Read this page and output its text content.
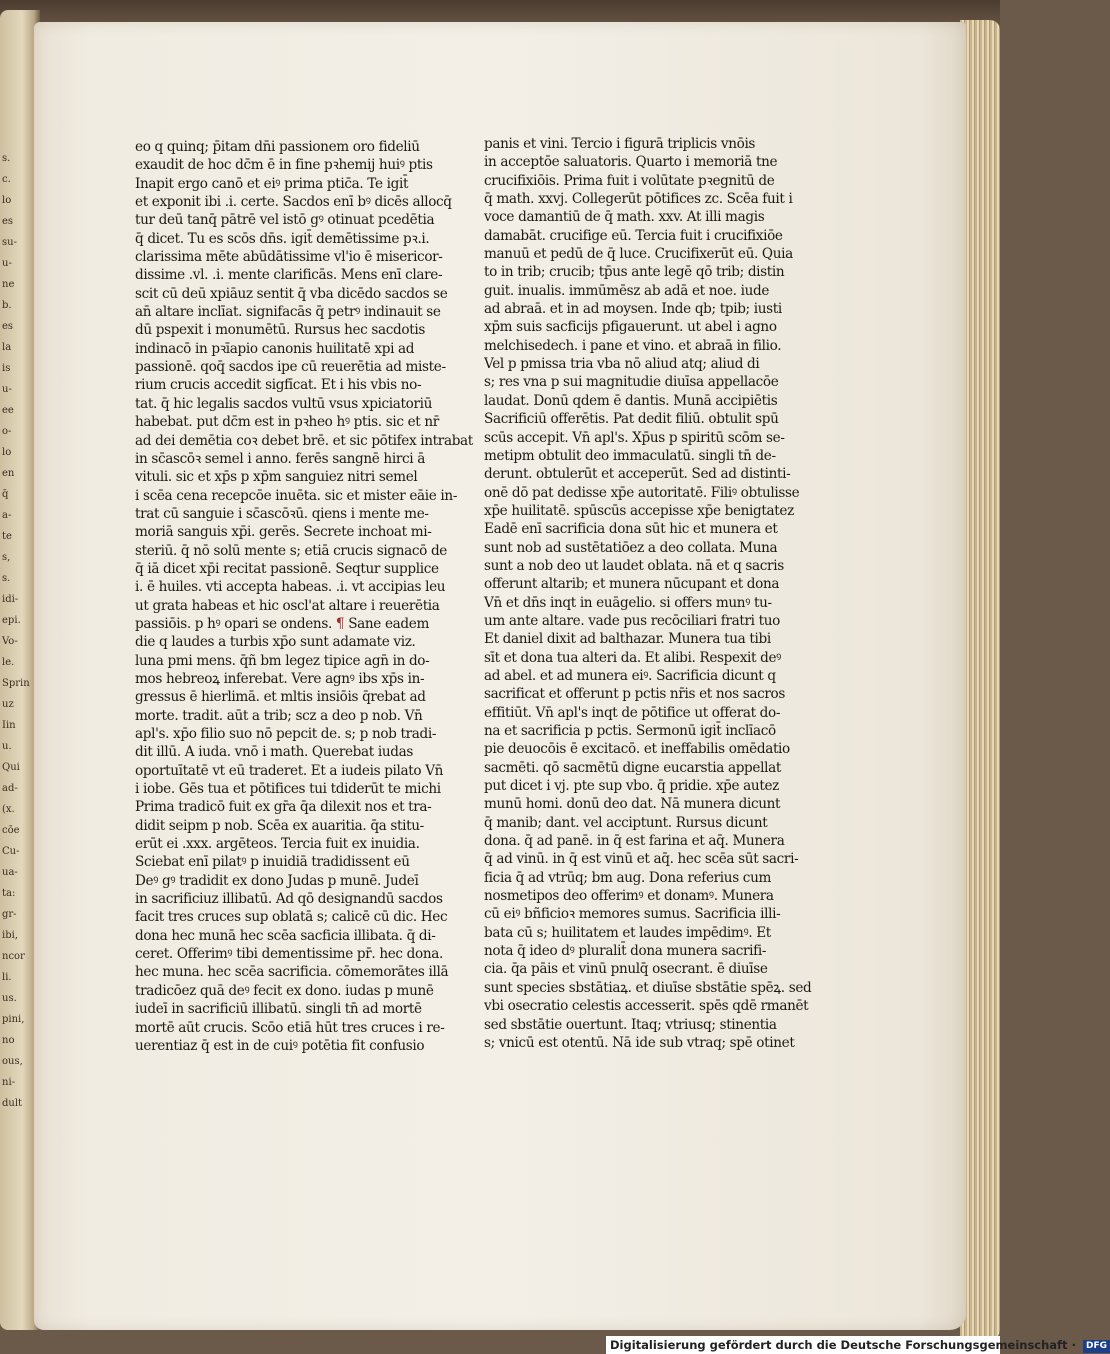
s.
c.
lo
es
su-
u-
ne
b.
es
la
is
u-
ee
o-
lo
en
q̄
a-
te
s,
s.
idi-
epi.
Vo-
le.
Sprin
uz
Iin
u.
Qui
ad-
(x.
cōe
Cu-
ua-
ta:
gr-
ibi,
ncor
li.
us.
pini,
no
ous,
ni-
dult
eo q quinq; p̄itam dn̄i passionem oro fideliū
exaudit de hoc dc̄m ē in fine pꝛhemij huiꝰ ptis
Inapit ergo canō et eiꝰ prima ptic̄a. Te igit̄
et exponit ibi .i. certe. Sacdos enī bꝰ dicēs allocq̄
tur deū tanq̄ pātrē vel istō gꝰ otinuat pcedētia
q̄ dicet. Tu es scōs dn̄s. igit̄ demētissime pꝛ.i.
clarissima mēte abūdātissime vl'io ē misericor-
dissime .vl. .i. mente clarificās. Mens enī clare-
scit cū deū xpiāuz sentit q̄ vba dicēdo sacdos se
an̄ altare inclīat. signifacās q̄ petrꝰ indinauit se
dū pspexit i monumētū. Rursus hec sacdotis
indinacō in pꝛīapio canonis huilitatē xpi ad
passionē. qoq̄ sacdos ipe cū reuerētia ad miste-
rium crucis accedit sigfīcat. Et i his vbis no-
tat. q̄ hic legalis sacdos vultū vsus xpiciatoriū
habebat. put dc̄m est in pꝛheo hꝰ ptis. sic et nr̄
ad dei demētia coꝛ debet brē. et sic pōtifex intrabat
in sc̄ascōꝛ semel i anno. ferēs sangnē hirci ā
vituli. sic et xp̄s p xp̄m sanguiez nitri semel
i scēa cena recepcōe inuēta. sic et mister eāie in-
trat cū sanguie i sc̄ascōꝛū. qiens i mente me-
moriā sanguis xp̄i. gerēs. Secrete inchoat mi-
steriū. q̄ nō solū mente s; etiā crucis signacō de
q̄ iā dicet xp̄i recitat passionē. Seqtur supplice
i. ē huiles. vti accepta habeas. .i. vt accipias leu
ut grata habeas et hic oscl'at altare i reuerētia
passiōis. p hꝰ opari se ondens. ¶ Sane eadem
die q laudes a turbis xp̄o sunt adamate viz.
luna pmi mens. q̄ñ bm legez tipice agn̄ in do-
mos hebreoꝝ inferebat. Vere agnꝰ ibs xp̄s in-
gressus ē hierlimā. et mltis insiōis q̄rebat ad
morte. tradit. aūt a trib; scz a deo p nob. Vn̄
apl's. xp̄o filio suo nō pepcit de. s; p nob tradi-
dit illū. A iuda. vnō i math. Querebat iudas
oportuītatē vt eū traderet. Et a iudeis pilato Vn̄
i iobe. Gēs tua et pōtifices tui tdiderūt te michi
Prima tradicō fuit ex gr̄a q̄a dilexit nos et tra-
didit seipm p nob. Scēa ex auaritia. q̄a stitu-
erūt ei .xxx. argēteos. Tercia fuit ex inuidia.
Sciebat enī pilatꝰ p inuidiā tradidissent eū
Deꝰ gꝰ tradidit ex dono Judas p munē. Judeī
in sacrificiuz illibatū. Ad qō designandū sacdos
facit tres cruces sup oblatā s; calicē cū dic. Hec
dona hec munā hec scēa sacficia illibata. q̄ di-
ceret. Offerimꝰ tibi dementissime pr̄. hec dona.
hec muna. hec scēa sacrificia. cōmemorātes illā
tradicōez quā deꝰ fecit ex dono. iudas p munē
iudeī in sacrificiū illibatū. singli tn̄ ad mortē
mortē aūt crucis. Scōo etiā hūt tres cruces i re-
uerentiaz q̄ est in de cuiꝰ potētia fit confusio
panis et vini. Tercio i figurā triplicis vnōis
in acceptōe saluatoris. Quarto i memoriā tne
crucifixiōis. Prima fuit i volūtate pꝛegnitū de
q̄ math. xxvj. Collegerūt pōtifices zc. Scēa fuit i
voce damantiū de q̄ math. xxv. At illi magis
damabāt. crucifige eū. Tercia fuit i crucifixiōe
manuū et pedū de q̄ luce. Crucifixerūt eū. Quia
to in trib; crucib; tp̄us ante legē qō trib; distin
guit. inualis. immūmēsz ab adā et noe. iude
ad abraā. et in ad moysen. Inde qb; tpib; iusti
xp̄m suis sacficijs pfigauerunt. ut abel i agno
melchisedech. i pane et vino. et abraā in filio.
Vel p pmissa tria vba nō aliud atq; aliud di
s; res vna p sui magnitudie diuīsa appellacōe
laudat. Donū qdem ē dantis. Munā accipiētis
Sacrificiū offerētis. Pat dedit filiū. obtulit spū
scūs accepit. Vn̄ apl's. Xp̄us p spiritū scōm se-
metipm obtulit deo immaculatū. singli tn̄ de-
derunt. obtulerūt et acceperūt. Sed ad distinti-
onē dō pat dedisse xp̄e autoritatē. Filiꝰ obtulisse
xp̄e huilitatē. spūscūs accepisse xp̄e benigtatez
Eadē enī sacrificia dona sūt hic et munera et
sunt nob ad sustētatiōez a deo collata. Muna
sunt a nob deo ut laudet oblata. nā et q sacris
offerunt altarib; et munera nūcupant et dona
Vn̄ et dn̄s inqt in euāgelio. si offers munꝰ tu-
um ante altare. vade pus recōciliari fratri tuo
Et daniel dixit ad balthazar. Munera tua tibi
sīt et dona tua alteri da. Et alibi. Respexit deꝰ
ad abel. et ad munera eiꝰ. Sacrificia dicunt q
sacrificat et offerunt p pctis nr̄is et nos sacros
effitiūt. Vn̄ apl's inqt de pōtifice ut offerat do-
na et sacrificia p pctis. Sermonū igit̄ inclīacō
pie deuocōis ē excitacō. et ineffabilis omēdatio
sacmēti. qō sacmētū digne eucarstia appellat
put dicet i vj. pte sup vbo. q̄ pridie. xp̄e autez
munū homi. donū deo dat. Nā munera dicunt
q̄ manib; dant. vel acciptunt. Rursus dicunt
dona. q̄ ad panē. in q̄ est farina et aq̄. Munera
q̄ ad vinū. in q̄ est vinū et aq̄. hec scēa sūt sacri-
ficia q̄ ad vtrūq; bm aug. Dona referius cum
nosmetipos deo offerimꝰ et donamꝰ. Munera
cū eiꝰ bñficioꝛ memores sumus. Sacrificia illi-
bata cū s; huilitatem et laudes impēdimꝰ. Et
nota q̄ ideo dꝰ pluralit̄ dona munera sacrifi-
cia. q̄a pāis et vinū pnulq̄ osecrant. ē diuīse
sunt species sbstātiaꝝ. et diuīse sbstātie spēꝝ. sed
vbi osecratio celestis accesserit. spēs qdē rmanēt
sed sbstātie ouertunt. Itaq; vtriusq; stinentia
s; vnicū est otentū. Nā ide sub vtraq; spē otinet
Digitalisierung gefördert durch die Deutsche Forschungsgemeinschaft · DFG
